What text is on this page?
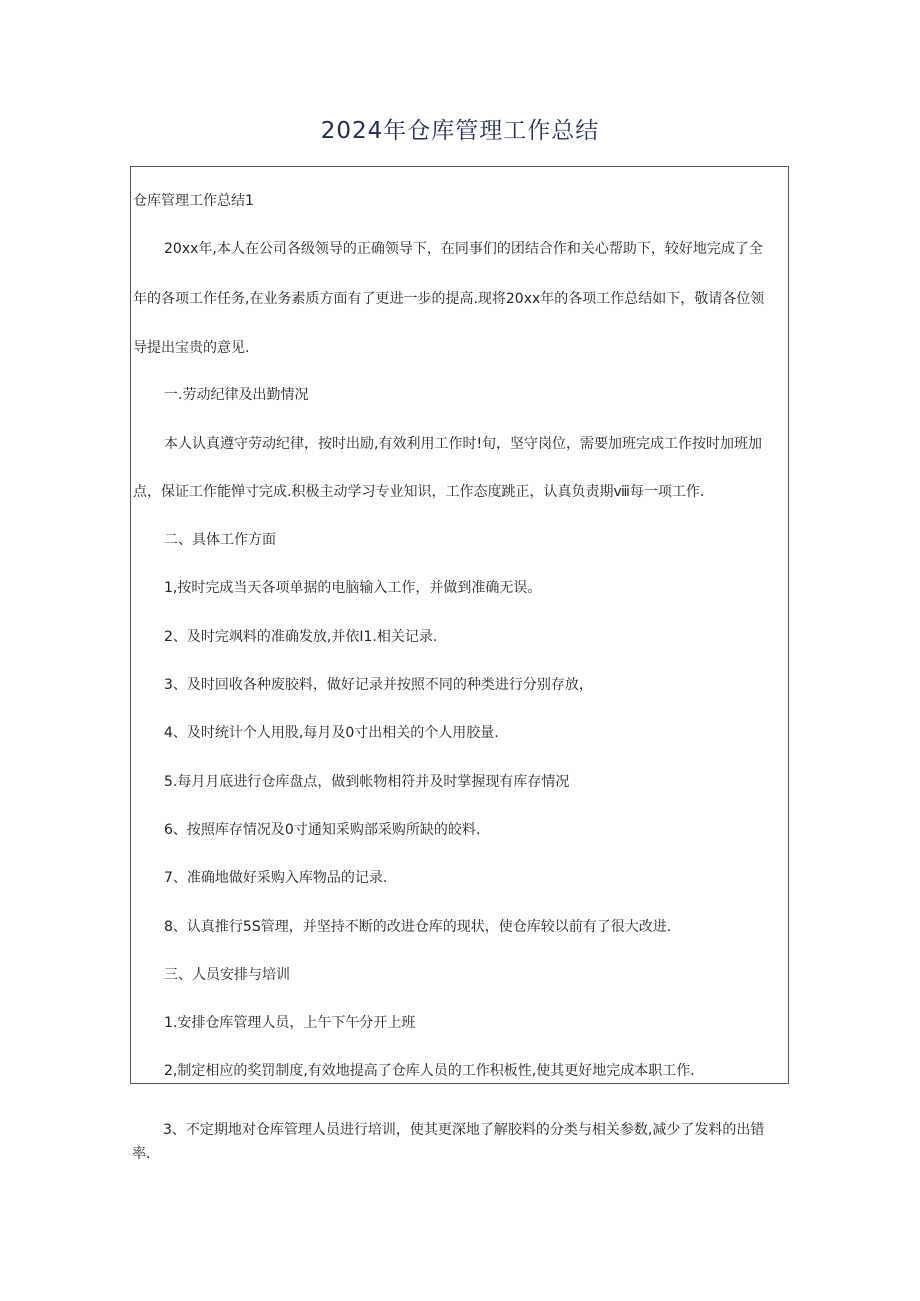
2024年仓库管理工作总结
仓库管理工作总结1
20xx年,本人在公司各级领导的正确领导下，在同事们的团结合作和关心帮助下，较好地完成了全
年的各项工作任务,在业务素质方面有了更进一步的提高.现将20xx年的各项工作总结如下，敬请各位领
导提出宝贵的意见.
一.劳动纪律及出勤情况
本人认真遵守劳动纪律，按时出励,有效利用工作时!旬，坚守岗位，需要加班完成工作按时加班加
点，保证工作能惮寸完成.积极主动学习专业知识，工作态度跳正，认真负责期ⅷ每一项工作.
二、具体工作方面
1,按时完成当天各项单据的电脑输入工作，并做到准确无误。
2、及时完飒料的准确发放,并依I1.相关记录.
3、及时回收各种废胶料，做好记录并按照不同的种类进行分别存放，
4、及时统计个人用股,每月及0寸出相关的个人用胶量.
5.每月月底进行仓库盘点，做到帐物相符并及时掌握现有库存情况
6、按照库存情况及0寸通知采购部采购所缺的皎料.
7、准确地做好采购入库物品的记录.
8、认真推行5S管理，并坚持不断的改进仓库的现状，使仓库较以前有了很大改进.
三、人员安排与培训
1.安排仓库管理人员，上午下午分开上班
2,制定相应的奖罚制度,有效地提高了仓库人员的工作积板性,使其更好地完成本职工作.
3、不定期地对仓库管理人员进行培训，使其更深地了解胶料的分类与相关参数,减少了发料的出错
率.
